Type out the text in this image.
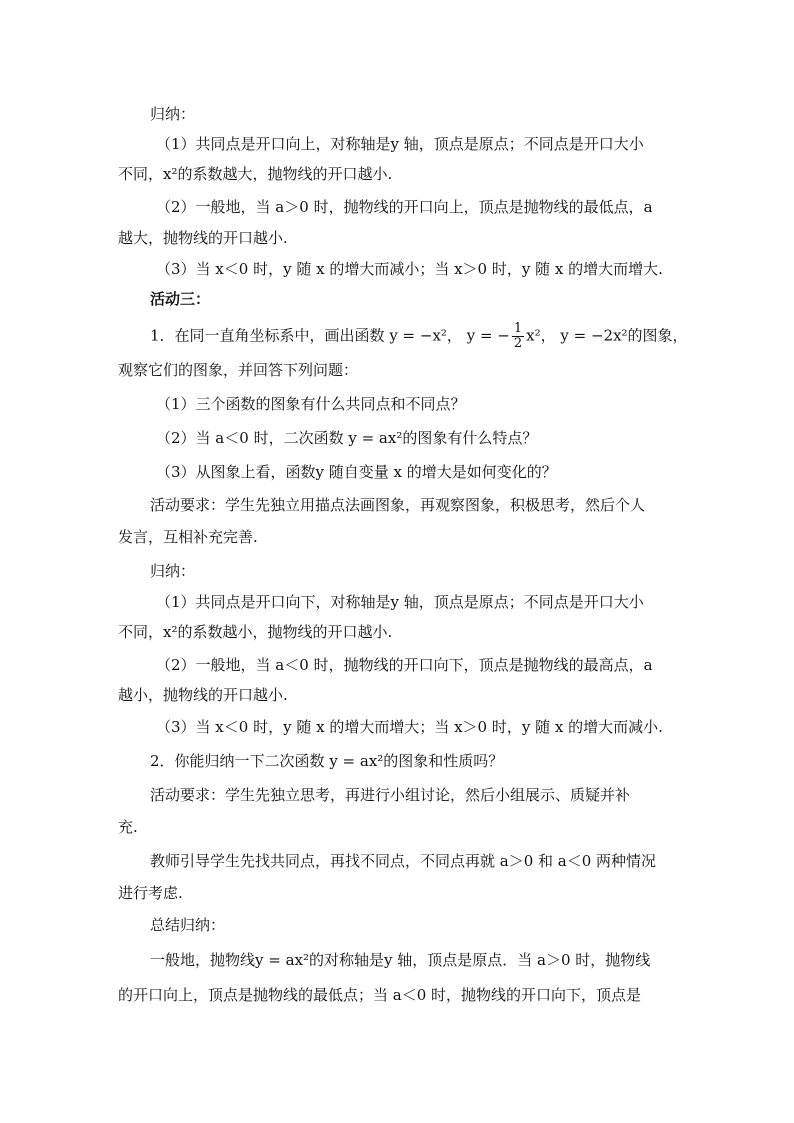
归纳：
（1）共同点是开口向上，对称轴是y 轴，顶点是原点；不同点是开口大小
不同，x²的系数越大，抛物线的开口越小.
（2）一般地，当 a＞0 时，抛物线的开口向上，顶点是抛物线的最低点，a
越大，抛物线的开口越小.
（3）当 x＜0 时，y 随 x 的增大而减小；当 x＞0 时，y 随 x 的增大而增大.
活动三：
1．在同一直角坐标系中，画出函数 y = −x²， y = − $\frac{1}{2} x^2$， y = −2x²的图象，
观察它们的图象，并回答下列问题：
（1）三个函数的图象有什么共同点和不同点？
（2）当 a＜0 时，二次函数 y = ax²的图象有什么特点？
（3）从图象上看，函数y 随自变量 x 的增大是如何变化的？
活动要求：学生先独立用描点法画图象，再观察图象，积极思考，然后个人
发言，互相补充完善.
归纳：
（1）共同点是开口向下，对称轴是y 轴，顶点是原点；不同点是开口大小
不同，x²的系数越小，抛物线的开口越小.
（2）一般地，当 a＜0 时，抛物线的开口向下，顶点是抛物线的最高点，a
越小，抛物线的开口越小.
（3）当 x＜0 时，y 随 x 的增大而增大；当 x＞0 时，y 随 x 的增大而减小.
2．你能归纳一下二次函数 y = ax²的图象和性质吗？
活动要求：学生先独立思考，再进行小组讨论，然后小组展示、质疑并补
充.
教师引导学生先找共同点，再找不同点，不同点再就 a＞0 和 a＜0 两种情况
进行考虑.
总结归纳：
一般地，抛物线y = ax²的对称轴是y 轴，顶点是原点．当 a＞0 时，抛物线
的开口向上，顶点是抛物线的最低点；当 a＜0 时，抛物线的开口向下，顶点是
